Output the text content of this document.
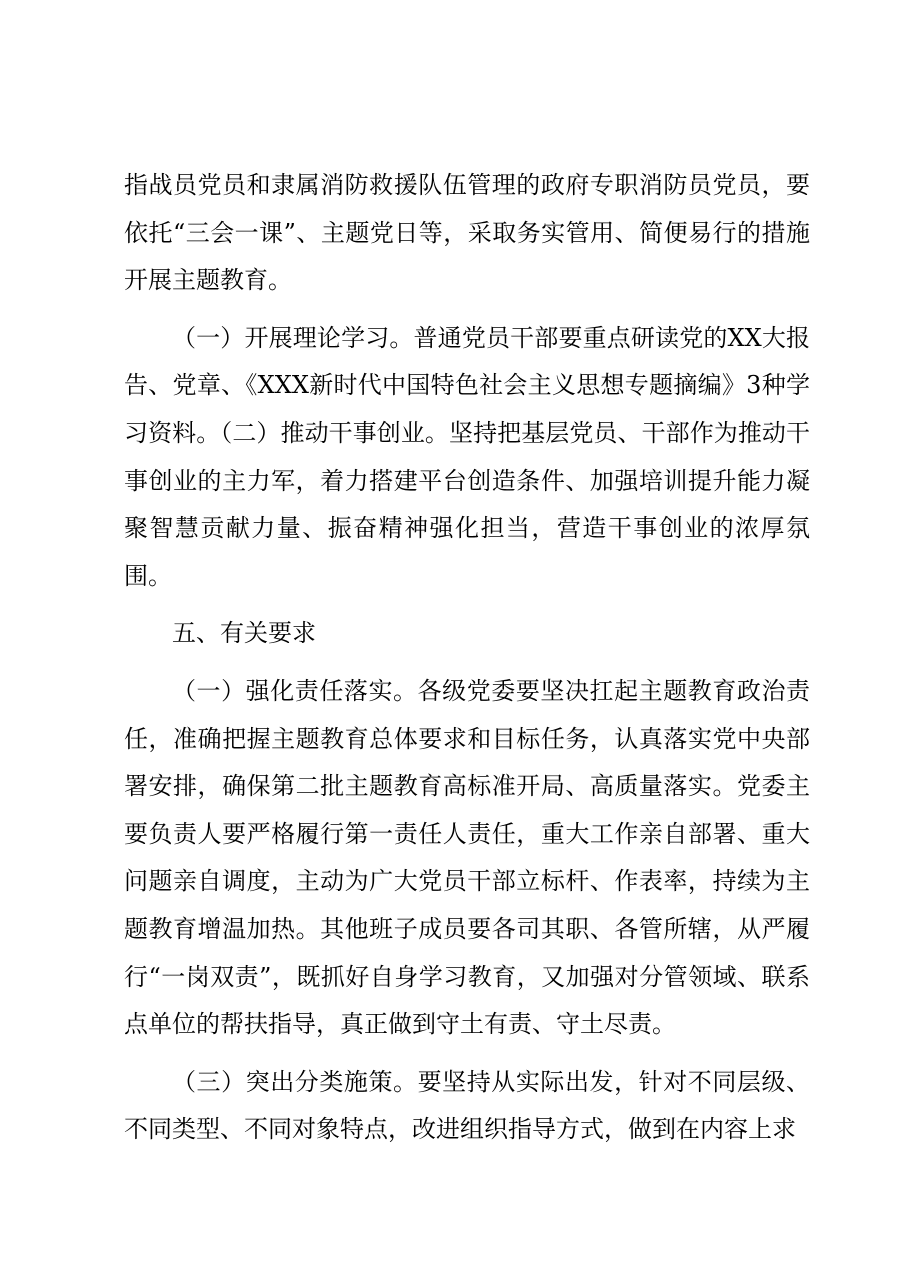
指战员党员和隶属消防救援队伍管理的政府专职消防员党员，要依托“三会一课”、主题党日等，采取务实管用、简便易行的措施开展主题教育。

（一）开展理论学习。普通党员干部要重点研读党的XX大报告、党章、《XXX新时代中国特色社会主义思想专题摘编》3种学习资料。（二）推动干事创业。坚持把基层党员、干部作为推动干事创业的主力军，着力搭建平台创造条件、加强培训提升能力凝聚智慧贡献力量、振奋精神强化担当，营造干事创业的浓厚氛围。

五、有关要求

（一）强化责任落实。各级党委要坚决扛起主题教育政治责任，准确把握主题教育总体要求和目标任务，认真落实党中央部署安排，确保第二批主题教育高标准开局、高质量落实。党委主要负责人要严格履行第一责任人责任，重大工作亲自部署、重大问题亲自调度，主动为广大党员干部立标杆、作表率，持续为主题教育增温加热。其他班子成员要各司其职、各管所辖，从严履行“一岗双责”，既抓好自身学习教育，又加强对分管领域、联系点单位的帮扶指导，真正做到守土有责、守土尽责。

（三）突出分类施策。要坚持从实际出发，针对不同层级、不同类型、不同对象特点，改进组织指导方式，做到在内容上求
